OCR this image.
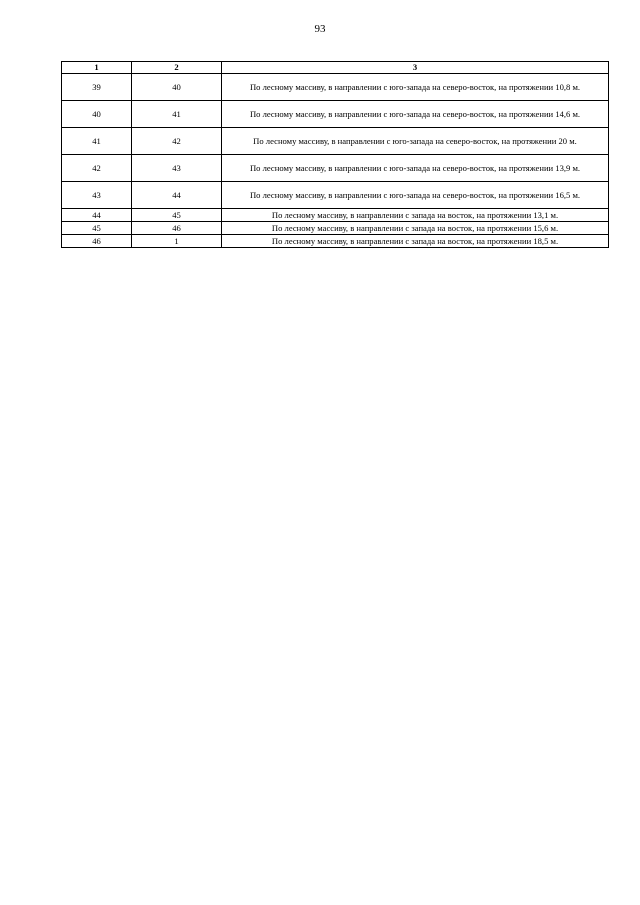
93
1	2	3
39	40	По лесному массиву, в направлении с юго-запада на северо-восток, на протяжении 10,8 м.
40	41	По лесному массиву, в направлении с юго-запада на северо-восток, на протяжении 14,6 м.
41	42	По лесному массиву, в направлении с юго-запада на северо-восток, на протяжении 20 м.
42	43	По лесному массиву, в направлении с юго-запада на северо-восток, на протяжении 13,9 м.
43	44	По лесному массиву, в направлении с юго-запада на северо-восток, на протяжении 16,5 м.
44	45	По лесному массиву, в направлении с запада на восток, на протяжении 13,1 м.
45	46	По лесному массиву, в направлении с запада на восток, на протяжении 15,6 м.
46	1	По лесному массиву, в направлении с запада на восток, на протяжении 18,5 м.
